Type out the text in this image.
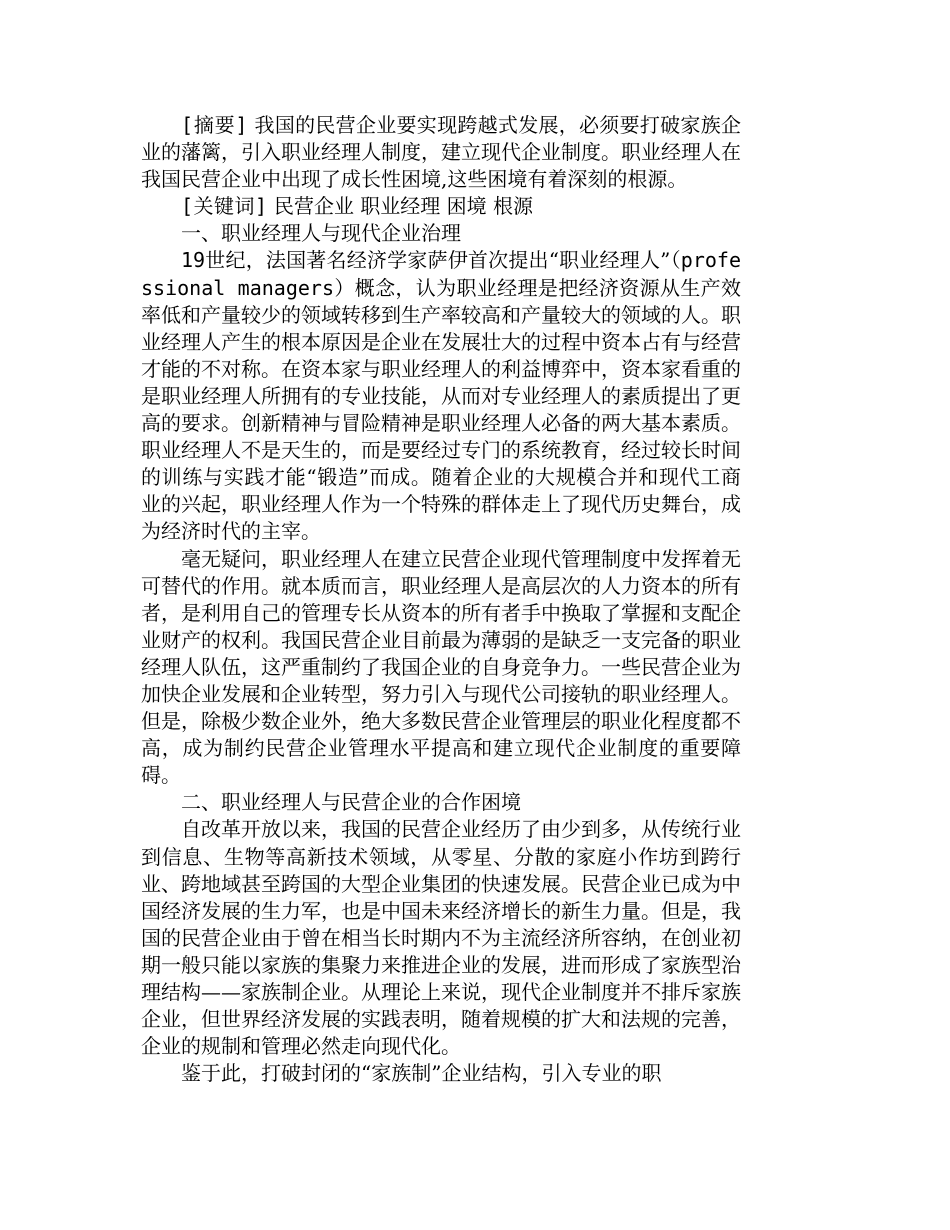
[摘要] 我国的民营企业要实现跨越式发展，必须要打破家族企业的藩篱，引入职业经理人制度，建立现代企业制度。职业经理人在我国民营企业中出现了成长性困境,这些困境有着深刻的根源。

[关键词] 民营企业 职业经理 困境 根源

一、职业经理人与现代企业治理

19世纪，法国著名经济学家萨伊首次提出“职业经理人”（professional managers）概念，认为职业经理是把经济资源从生产效率低和产量较少的领域转移到生产率较高和产量较大的领域的人。职业经理人产生的根本原因是企业在发展壮大的过程中资本占有与经营才能的不对称。在资本家与职业经理人的利益博弈中，资本家看重的是职业经理人所拥有的专业技能，从而对专业经理人的素质提出了更高的要求。创新精神与冒险精神是职业经理人必备的两大基本素质。职业经理人不是天生的，而是要经过专门的系统教育，经过较长时间的训练与实践才能“锻造”而成。随着企业的大规模合并和现代工商业的兴起，职业经理人作为一个特殊的群体走上了现代历史舞台，成为经济时代的主宰。

毫无疑问，职业经理人在建立民营企业现代管理制度中发挥着无可替代的作用。就本质而言，职业经理人是高层次的人力资本的所有者，是利用自己的管理专长从资本的所有者手中换取了掌握和支配企业财产的权利。我国民营企业目前最为薄弱的是缺乏一支完备的职业经理人队伍，这严重制约了我国企业的自身竞争力。一些民营企业为加快企业发展和企业转型，努力引入与现代公司接轨的职业经理人。但是，除极少数企业外，绝大多数民营企业管理层的职业化程度都不高，成为制约民营企业管理水平提高和建立现代企业制度的重要障碍。

二、职业经理人与民营企业的合作困境

自改革开放以来，我国的民营企业经历了由少到多，从传统行业到信息、生物等高新技术领域，从零星、分散的家庭小作坊到跨行业、跨地域甚至跨国的大型企业集团的快速发展。民营企业已成为中国经济发展的生力军，也是中国未来经济增长的新生力量。但是，我国的民营企业由于曾在相当长时期内不为主流经济所容纳，在创业初期一般只能以家族的集聚力来推进企业的发展，进而形成了家族型治理结构——家族制企业。从理论上来说，现代企业制度并不排斥家族企业，但世界经济发展的实践表明，随着规模的扩大和法规的完善，企业的规制和管理必然走向现代化。

鉴于此，打破封闭的“家族制”企业结构，引入专业的职
